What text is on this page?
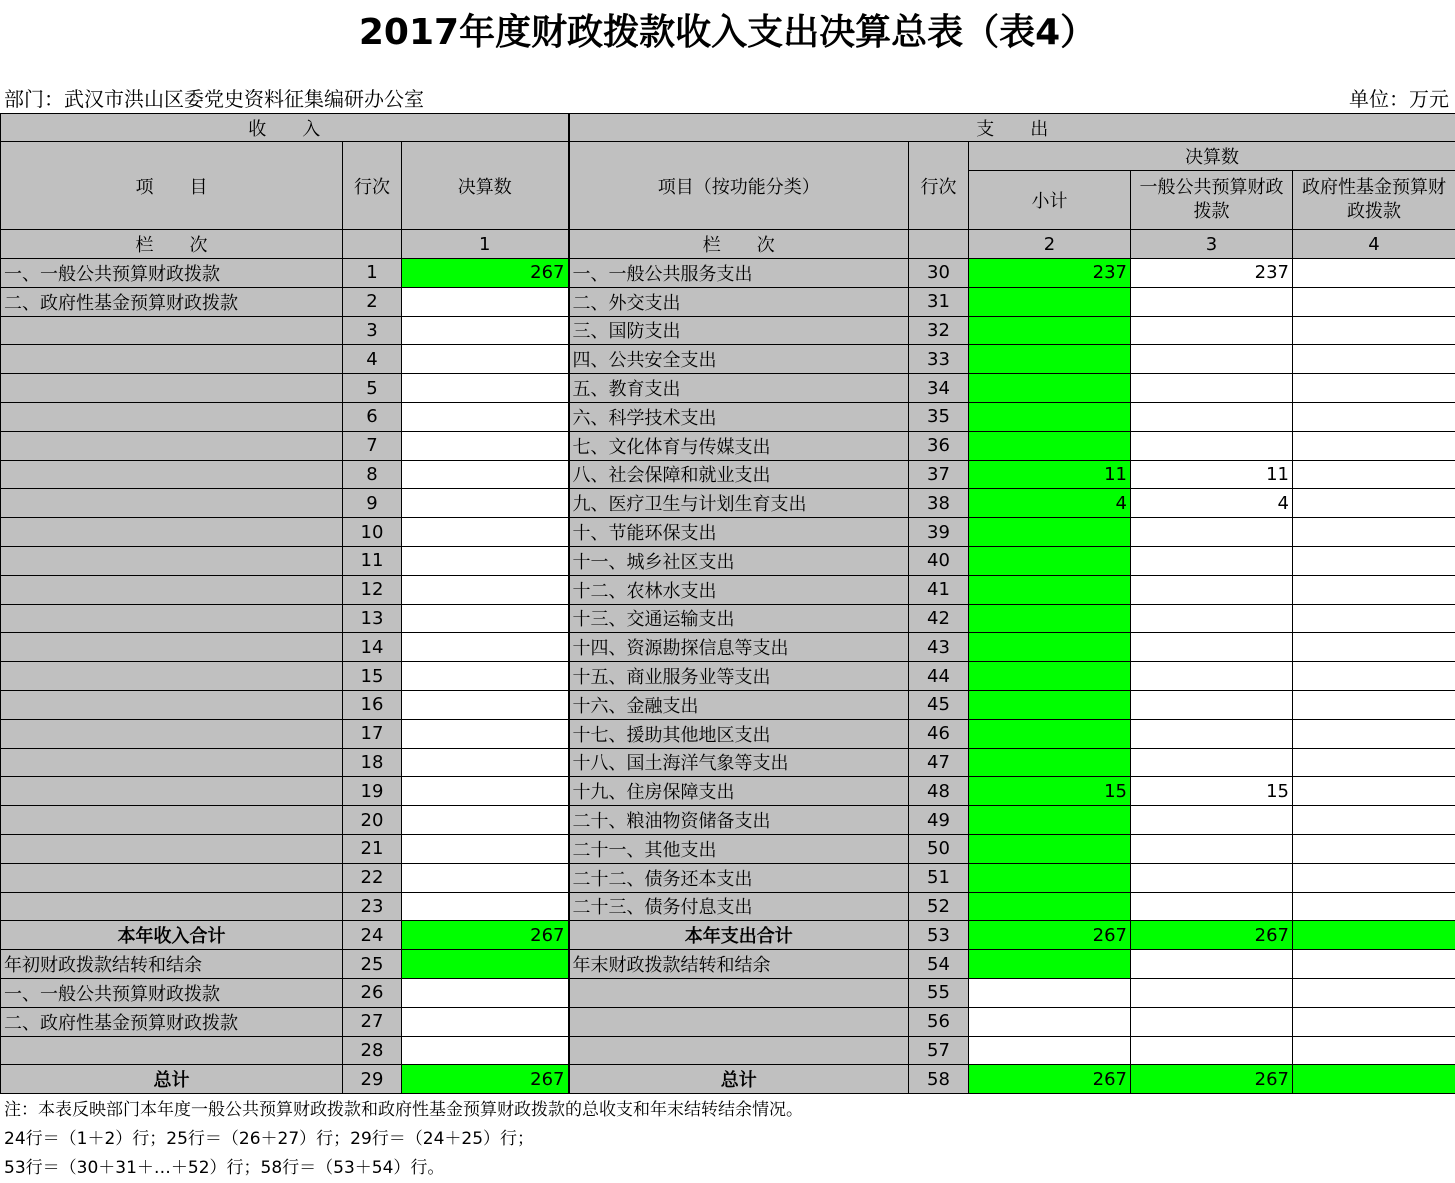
2017年度财政拨款收入支出决算总表（表4）
部门：武汉市洪山区委党史资料征集编研办公室	单位：万元
收　　入			支　　出				
项　　目	行次	决算数	项目（按功能分类）	行次	决算数		
					小计	一般公共预算财政拨款	政府性基金预算财政拨款
栏　　次		1	栏　　次		2	3	4
一、一般公共预算财政拨款	1	267	一、一般公共服务支出	30	237	237	
二、政府性基金预算财政拨款	2		二、外交支出	31			
	3		三、国防支出	32			
	4		四、公共安全支出	33			
	5		五、教育支出	34			
	6		六、科学技术支出	35			
	7		七、文化体育与传媒支出	36			
	8		八、社会保障和就业支出	37	11	11	
	9		九、医疗卫生与计划生育支出	38	4	4	
	10		十、节能环保支出	39			
	11		十一、城乡社区支出	40			
	12		十二、农林水支出	41			
	13		十三、交通运输支出	42			
	14		十四、资源勘探信息等支出	43			
	15		十五、商业服务业等支出	44			
	16		十六、金融支出	45			
	17		十七、援助其他地区支出	46			
	18		十八、国土海洋气象等支出	47			
	19		十九、住房保障支出	48	15	15	
	20		二十、粮油物资储备支出	49			
	21		二十一、其他支出	50			
	22		二十二、债务还本支出	51			
	23		二十三、债务付息支出	52			
本年收入合计	24	267	本年支出合计	53	267	267	
年初财政拨款结转和结余	25		年末财政拨款结转和结余	54			
一、一般公共预算财政拨款	26			55			
二、政府性基金预算财政拨款	27			56			
	28			57			
总计	29	267	总计	58	267	267	
注：本表反映部门本年度一般公共预算财政拨款和政府性基金预算财政拨款的总收支和年末结转结余情况。
24行＝（1＋2）行；25行＝（26＋27）行；29行＝（24＋25）行；
53行＝（30＋31＋…＋52）行；58行＝（53＋54）行。
